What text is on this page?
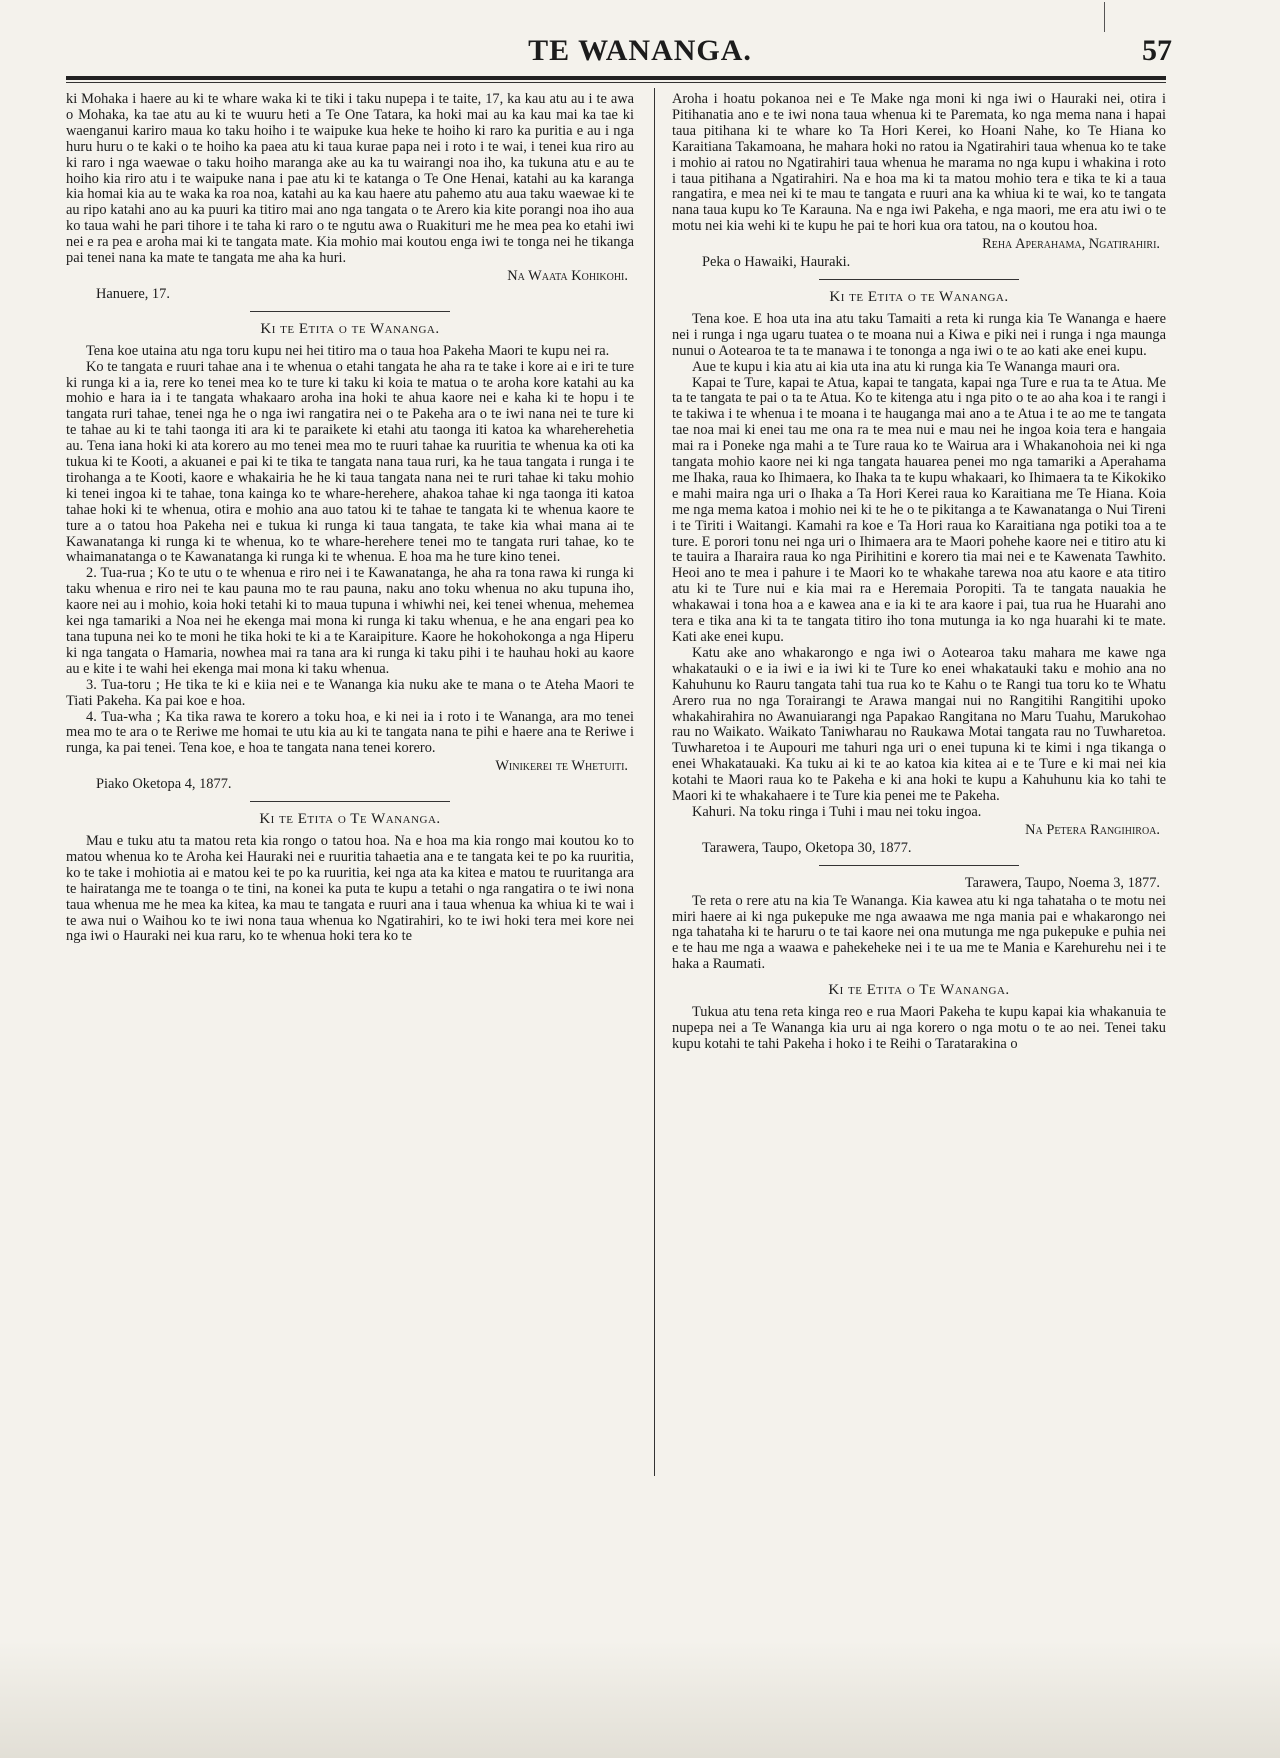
TE WANANGA.	57

ki Mohaka i haere au ki te whare waka ki te tiki i taku nupepa i te taite, 17, ka kau atu au i te awa o Mohaka, ka tae atu au ki te wuuru heti a Te One Tatara, ka hoki mai au ka kau mai ka tae ki waenganui kariro maua ko taku hoiho i te waipuke kua heke te hoiho ki raro ka puritia e au i nga huru huru o te kaki o te hoiho ka paea atu ki taua kurae papa nei i roto i te wai, i tenei kua riro au ki raro i nga waewae o taku hoiho maranga ake au ka tu wairangi noa iho, ka tukuna atu e au te hoiho kia riro atu i te waipuke nana i pae atu ki te katanga o Te One Henai, katahi au ka karanga kia homai kia au te waka ka roa noa, katahi au ka kau haere atu pahemo atu aua taku waewae ki te au ripo katahi ano au ka puuri ka titiro mai ano nga tangata o te Arero kia kite porangi noa iho aua ko taua wahi he pari tihore i te taha ki raro o te ngutu awa o Ruakituri me he mea pea ko etahi iwi nei e ra pea e aroha mai ki te tangata mate. Kia mohio mai koutou enga iwi te tonga nei he tikanga pai tenei nana ka mate te tangata me aha ka huri.

Na Waata Kohikohi.
Hanuere, 17.
Ki te Etita o te Wananga.

Tena koe utaina atu nga toru kupu nei hei titiro ma o taua hoa Pakeha Maori te kupu nei ra.

Ko te tangata e ruuri tahae ana i te whenua o etahi tangata he aha ra te take i kore ai e iri te ture ki runga ki a ia, rere ko tenei mea ko te ture ki taku ki koia te matua o te aroha kore katahi au ka mohio e hara ia i te tangata whakaaro aroha ina hoki te ahua kaore nei e kaha ki te hopu i te tangata ruri tahae, tenei nga he o nga iwi rangatira nei o te Pakeha ara o te iwi nana nei te ture ki te tahae au ki te tahi taonga iti ara ki te paraikete ki etahi atu taonga iti katoa ka whareherehetia au. Tena iana hoki ki ata korero au mo tenei mea mo te ruuri tahae ka ruuritia te whenua ka oti ka tukua ki te Kooti, a akuanei e pai ki te tika te tangata nana taua ruri, ka he taua tangata i runga i te tirohanga a te Kooti, kaore e whakairia he he ki taua tangata nana nei te ruri tahae ki taku mohio ki tenei ingoa ki te tahae, tona kainga ko te whare-herehere, ahakoa tahae ki nga taonga iti katoa tahae hoki ki te whenua, otira e mohio ana auo tatou ki te tahae te tangata ki te whenua kaore te ture a o tatou hoa Pakeha nei e tukua ki runga ki taua tangata, te take kia whai mana ai te Kawanatanga ki runga ki te whenua, ko te whare-herehere tenei mo te tangata ruri tahae, ko te whaimanatanga o te Kawanatanga ki runga ki te whenua. E hoa ma he ture kino tenei.

2. Tua-rua ; Ko te utu o te whenua e riro nei i te Kawanatanga, he aha ra tona rawa ki runga ki taku whenua e riro nei te kau pauna mo te rau pauna, naku ano toku whenua no aku tupuna iho, kaore nei au i mohio, koia hoki tetahi ki to maua tupuna i whiwhi nei, kei tenei whenua, mehemea kei nga tamariki a Noa nei he ekenga mai mona ki runga ki taku whenua, e he ana engari pea ko tana tupuna nei ko te moni he tika hoki te ki a te Karaipiture. Kaore he hokohokonga a nga Hiperu ki nga tangata o Hamaria, nowhea mai ra tana ara ki runga ki taku pihi i te hauhau hoki au kaore au e kite i te wahi hei ekenga mai mona ki taku whenua.

3. Tua-toru ; He tika te ki e kiia nei e te Wananga kia nuku ake te mana o te Ateha Maori te Tiati Pakeha. Ka pai koe e hoa.

4. Tua-wha ; Ka tika rawa te korero a toku hoa, e ki nei ia i roto i te Wananga, ara mo tenei mea mo te ara o te Reriwe me homai te utu kia au ki te tangata nana te pihi e haere ana te Reriwe i runga, ka pai tenei. Tena koe, e hoa te tangata nana tenei korero.

Winikerei te Whetuiti.
Piako Oketopa 4, 1877.
Ki te Etita o Te Wananga.

Mau e tuku atu ta matou reta kia rongo o tatou hoa. Na e hoa ma kia rongo mai koutou ko to matou whenua ko te Aroha kei Hauraki nei e ruuritia tahaetia ana e te tangata kei te po ka ruuritia, ko te take i mohiotia ai e matou kei te po ka ruuritia, kei nga ata ka kitea e matou te ruuritanga ara te hairatanga me te toanga o te tini, na konei ka puta te kupu a tetahi o nga rangatira o te iwi nona taua whenua me he mea ka kitea, ka mau te tangata e ruuri ana i taua whenua ka whiua ki te wai i te awa nui o Waihou ko te iwi nona taua whenua ko Ngatirahiri, ko te iwi hoki tera mei kore nei nga iwi o Hauraki nei kua raru, ko te whenua hoki tera ko te

Aroha i hoatu pokanoa nei e Te Make nga moni ki nga iwi o Hauraki nei, otira i Pitihanatia ano e te iwi nona taua whenua ki te Paremata, ko nga mema nana i hapai taua pitihana ki te whare ko Ta Hori Kerei, ko Hoani Nahe, ko Te Hiana ko Karaitiana Takamoana, he mahara hoki no ratou ia Ngatirahiri taua whenua ko te take i mohio ai ratou no Ngatirahiri taua whenua he marama no nga kupu i whakina i roto i taua pitihana a Ngatirahiri. Na e hoa ma ki ta matou mohio tera e tika te ki a taua rangatira, e mea nei ki te mau te tangata e ruuri ana ka whiua ki te wai, ko te tangata nana taua kupu ko Te Karauna. Na e nga iwi Pakeha, e nga maori, me era atu iwi o te motu nei kia wehi ki te kupu he pai te hori kua ora tatou, na o koutou hoa.

Reha Aperahama, Ngatirahiri.
Peka o Hawaiki, Hauraki.
Ki te Etita o te Wananga.

Tena koe. E hoa uta ina atu taku Tamaiti a reta ki runga kia Te Wananga e haere nei i runga i nga ugaru tuatea o te moana nui a Kiwa e piki nei i runga i nga maunga nunui o Aotearoa te ta te manawa i te tononga a nga iwi o te ao kati ake enei kupu.

Aue te kupu i kia atu ai kia uta ina atu ki runga kia Te Wananga mauri ora.

Kapai te Ture, kapai te Atua, kapai te tangata, kapai nga Ture e rua ta te Atua. Me ta te tangata te pai o ta te Atua. Ko te kitenga atu i nga pito o te ao aha koa i te rangi i te takiwa i te whenua i te moana i te hauganga mai ano a te Atua i te ao me te tangata tae noa mai ki enei tau me ona ra te mea nui e mau nei he ingoa koia tera e hangaia mai ra i Poneke nga mahi a te Ture raua ko te Wairua ara i Whakanohoia nei ki nga tangata mohio kaore nei ki nga tangata hauarea penei mo nga tamariki a Aperahama me Ihaka, raua ko Ihimaera, ko Ihaka ta te kupu whakaari, ko Ihimaera ta te Kikokiko e mahi maira nga uri o Ihaka a Ta Hori Kerei raua ko Karaitiana me Te Hiana. Koia me nga mema katoa i mohio nei ki te he o te pikitanga a te Kawanatanga o Nui Tireni i te Tiriti i Waitangi. Kamahi ra koe e Ta Hori raua ko Karaitiana nga potiki toa a te ture. E porori tonu nei nga uri o Ihimaera ara te Maori pohehe kaore nei e titiro atu ki te tauira a Iharaira raua ko nga Pirihitini e korero tia mai nei e te Kawenata Tawhito. Heoi ano te mea i pahure i te Maori ko te whakahe tarewa noa atu kaore e ata titiro atu ki te Ture nui e kia mai ra e Heremaia Poropiti. Ta te tangata nauakia he whakawai i tona hoa a e kawea ana e ia ki te ara kaore i pai, tua rua he Huarahi ano tera e tika ana ki ta te tangata titiro iho tona mutunga ia ko nga huarahi ki te mate. Kati ake enei kupu.

Katu ake ano whakarongo e nga iwi o Aotearoa taku mahara me kawe nga whakatauki o e ia iwi e ia iwi ki te Ture ko enei whakatauki taku e mohio ana no Kahuhunu ko Rauru tangata tahi tua rua ko te Kahu o te Rangi tua toru ko te Whatu Arero rua no nga Torairangi te Arawa mangai nui no Rangitihi Rangitihi upoko whakahirahira no Awanuiarangi nga Papakao Rangitana no Maru Tuahu, Marukohao rau no Waikato. Waikato Taniwharau no Raukawa Motai tangata rau no Tuwharetoa. Tuwharetoa i te Aupouri me tahuri nga uri o enei tupuna ki te kimi i nga tikanga o enei Whakatauaki. Ka tuku ai ki te ao katoa kia kitea ai e te Ture e ki mai nei kia kotahi te Maori raua ko te Pakeha e ki ana hoki te kupu a Kahuhunu kia ko tahi te Maori ki te whakahaere i te Ture kia penei me te Pakeha.

Kahuri. Na toku ringa i Tuhi i mau nei toku ingoa.

Na Petera Rangihiroa.
Tarawera, Taupo, Oketopa 30, 1877.
Tarawera, Taupo, Noema 3, 1877.

Te reta o rere atu na kia Te Wananga. Kia kawea atu ki nga tahataha o te motu nei miri haere ai ki nga pukepuke me nga awaawa me nga mania pai e whakarongo nei nga tahataha ki te haruru o te tai kaore nei ona mutunga me nga pukepuke e puhia nei e te hau me nga a waawa e pahekeheke nei i te ua me te Mania e Karehurehu nei i te haka a Raumati.

Ki te Etita o Te Wananga.

Tukua atu tena reta kinga reo e rua Maori Pakeha te kupu kapai kia whakanuia te nupepa nei a Te Wananga kia uru ai nga korero o nga motu o te ao nei. Tenei taku kupu kotahi te tahi Pakeha i hoko i te Reihi o Taratarakina o
